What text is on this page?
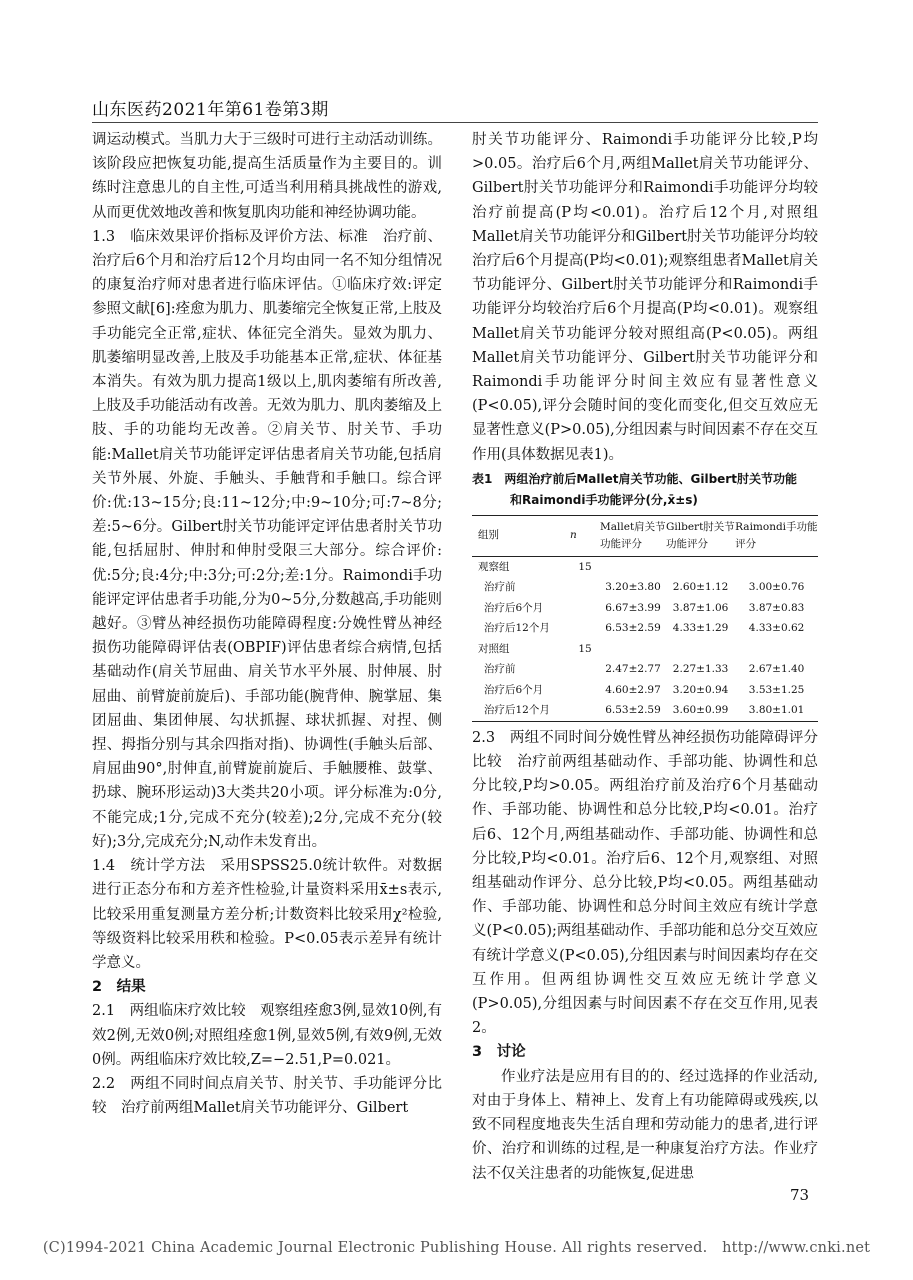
山东医药2021年第61卷第3期

调运动模式。当肌力大于三级时可进行主动活动训练。该阶段应把恢复功能,提高生活质量作为主要目的。训练时注意患儿的自主性,可适当利用稍具挑战性的游戏,从而更优效地改善和恢复肌肉功能和神经协调功能。

1.3　临床效果评价指标及评价方法、标准　治疗前、治疗后6个月和治疗后12个月均由同一名不知分组情况的康复治疗师对患者进行临床评估。①临床疗效:评定参照文献[6]:痊愈为肌力、肌萎缩完全恢复正常,上肢及手功能完全正常,症状、体征完全消失。显效为肌力、肌萎缩明显改善,上肢及手功能基本正常,症状、体征基本消失。有效为肌力提高1级以上,肌肉萎缩有所改善,上肢及手功能活动有改善。无效为肌力、肌肉萎缩及上肢、手的功能均无改善。②肩关节、肘关节、手功能:Mallet肩关节功能评定评估患者肩关节功能,包括肩关节外展、外旋、手触头、手触背和手触口。综合评价:优:13~15分;良:11~12分;中:9~10分;可:7~8分;差:5~6分。Gilbert肘关节功能评定评估患者肘关节功能,包括屈肘、伸肘和伸肘受限三大部分。综合评价:优:5分;良:4分;中:3分;可:2分;差:1分。Raimondi手功能评定评估患者手功能,分为0~5分,分数越高,手功能则越好。③臂丛神经损伤功能障碍程度:分娩性臂丛神经损伤功能障碍评估表(OBPIF)评估患者综合病情,包括基础动作(肩关节屈曲、肩关节水平外展、肘伸展、肘屈曲、前臂旋前旋后)、手部功能(腕背伸、腕掌屈、集团屈曲、集团伸展、勾状抓握、球状抓握、对捏、侧捏、拇指分别与其余四指对指)、协调性(手触头后部、肩屈曲90°,肘伸直,前臂旋前旋后、手触腰椎、鼓掌、扔球、腕环形运动)3大类共20小项。评分标准为:0分,不能完成;1分,完成不充分(较差);2分,完成不充分(较好);3分,完成充分;N,动作未发育出。

1.4　统计学方法　采用SPSS25.0统计软件。对数据进行正态分布和方差齐性检验,计量资料采用x̄±s表示,比较采用重复测量方差分析;计数资料比较采用χ²检验,等级资料比较采用秩和检验。P<0.05表示差异有统计学意义。

2　结果

2.1　两组临床疗效比较　观察组痊愈3例,显效10例,有效2例,无效0例;对照组痊愈1例,显效5例,有效9例,无效0例。两组临床疗效比较,Z=−2.51,P=0.021。

2.2　两组不同时间点肩关节、肘关节、手功能评分比较　治疗前两组Mallet肩关节功能评分、Gilbert

肘关节功能评分、Raimondi手功能评分比较,P均>0.05。治疗后6个月,两组Mallet肩关节功能评分、Gilbert肘关节功能评分和Raimondi手功能评分均较治疗前提高(P均<0.01)。治疗后12个月,对照组Mallet肩关节功能评分和Gilbert肘关节功能评分均较治疗后6个月提高(P均<0.01);观察组患者Mallet肩关节功能评分、Gilbert肘关节功能评分和Raimondi手功能评分均较治疗后6个月提高(P均<0.01)。观察组Mallet肩关节功能评分较对照组高(P<0.05)。两组Mallet肩关节功能评分、Gilbert肘关节功能评分和Raimondi手功能评分时间主效应有显著性意义(P<0.05),评分会随时间的变化而变化,但交互效应无显著性意义(P>0.05),分组因素与时间因素不存在交互作用(具体数据见表1)。

表1　两组治疗前后Mallet肩关节功能、Gilbert肘关节功能
和Raimondi手功能评分(分,x̄±s)
组别	n	Mallet肩关节
功能评分	Gilbert肘关节
功能评分	Raimondi手功能
评分
观察组	15			
治疗前		3.20±3.80	2.60±1.12	3.00±0.76
治疗后6个月		6.67±3.99	3.87±1.06	3.87±0.83
治疗后12个月		6.53±2.59	4.33±1.29	4.33±0.62
对照组	15			
治疗前		2.47±2.77	2.27±1.33	2.67±1.40
治疗后6个月		4.60±2.97	3.20±0.94	3.53±1.25
治疗后12个月		6.53±2.59	3.60±0.99	3.80±1.01

2.3　两组不同时间分娩性臂丛神经损伤功能障碍评分比较　治疗前两组基础动作、手部功能、协调性和总分比较,P均>0.05。两组治疗前及治疗6个月基础动作、手部功能、协调性和总分比较,P均<0.01。治疗后6、12个月,两组基础动作、手部功能、协调性和总分比较,P均<0.01。治疗后6、12个月,观察组、对照组基础动作评分、总分比较,P均<0.05。两组基础动作、手部功能、协调性和总分时间主效应有统计学意义(P<0.05);两组基础动作、手部功能和总分交互效应有统计学意义(P<0.05),分组因素与时间因素均存在交互作用。但两组协调性交互效应无统计学意义(P>0.05),分组因素与时间因素不存在交互作用,见表2。

3　讨论

作业疗法是应用有目的的、经过选择的作业活动,对由于身体上、精神上、发育上有功能障碍或残疾,以致不同程度地丧失生活自理和劳动能力的患者,进行评价、治疗和训练的过程,是一种康复治疗方法。作业疗法不仅关注患者的功能恢复,促进患

73
(C)1994-2021 China Academic Journal Electronic Publishing House. All rights reserved.　http://www.cnki.net
